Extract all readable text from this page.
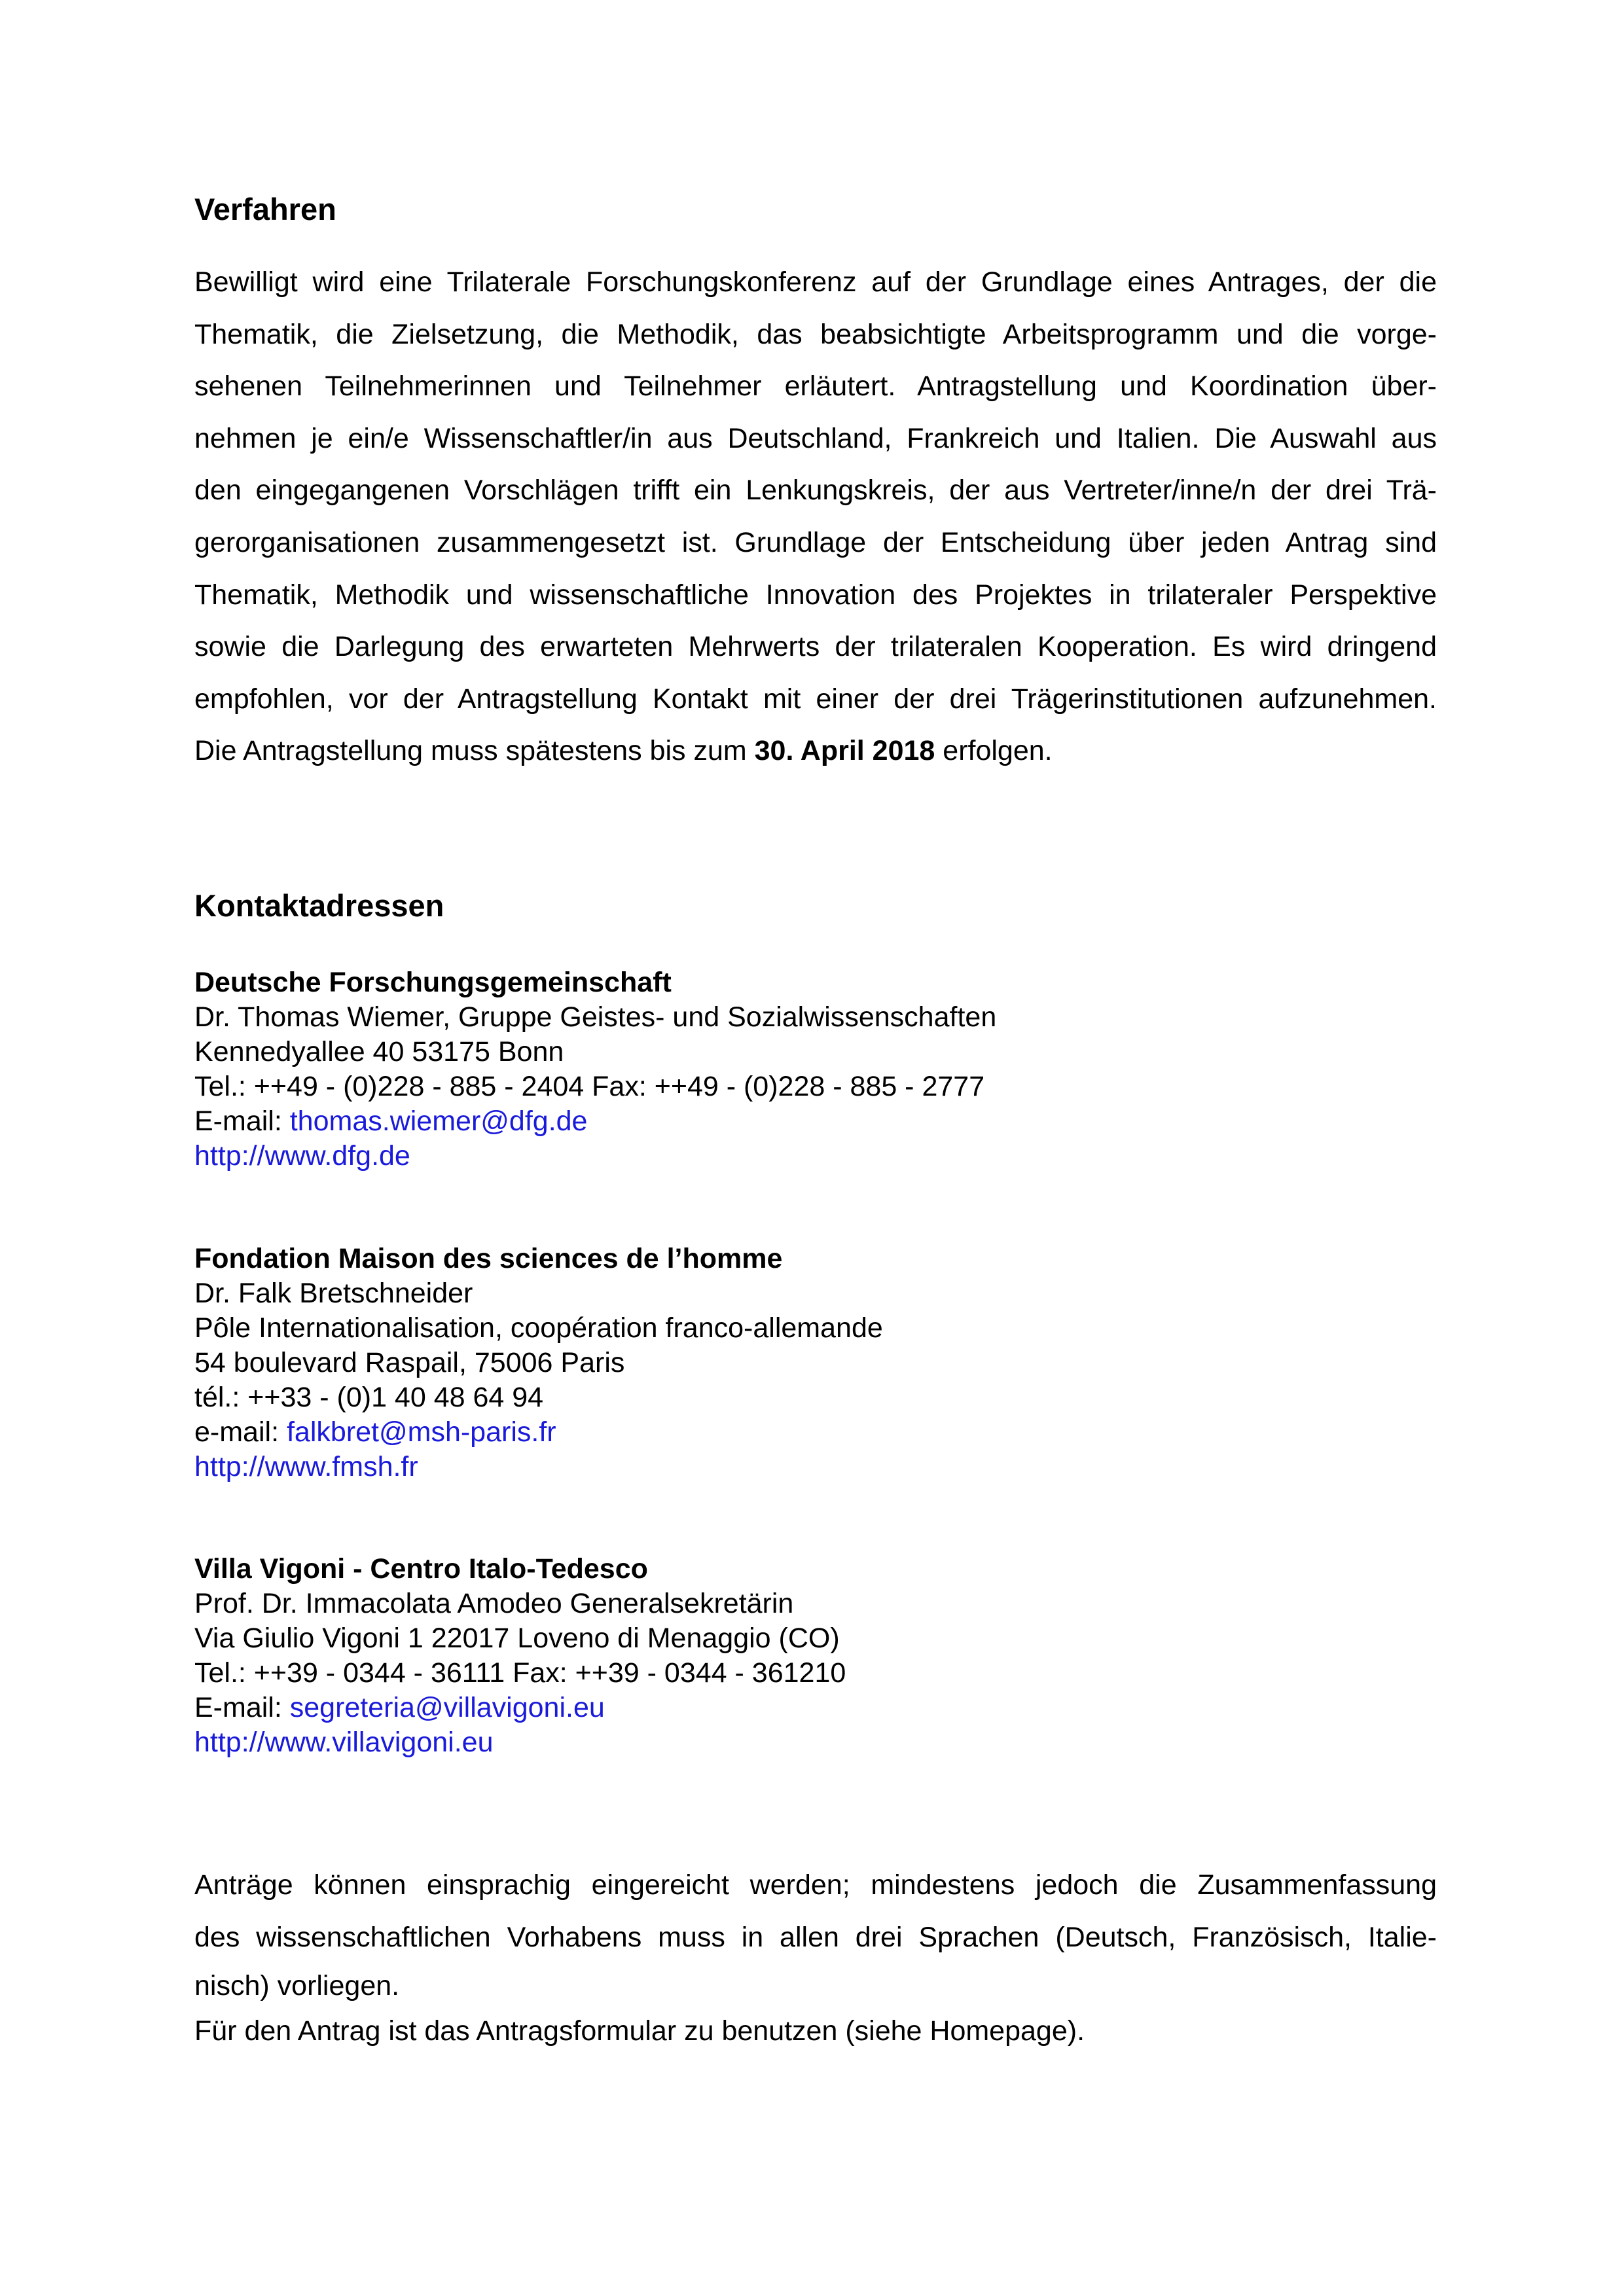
Verfahren
Bewilligt wird eine Trilaterale Forschungskonferenz auf der Grundlage eines Antrages, der die
Thematik, die Zielsetzung, die Methodik, das beabsichtigte Arbeitsprogramm und die vorge-
sehenen Teilnehmerinnen und Teilnehmer erläutert. Antragstellung und Koordination über-
nehmen je ein/e Wissenschaftler/in aus Deutschland, Frankreich und Italien. Die Auswahl aus
den eingegangenen Vorschlägen trifft ein Lenkungskreis, der aus Vertreter/inne/n der drei Trä-
gerorganisationen zusammengesetzt ist. Grundlage der Entscheidung über jeden Antrag sind
Thematik, Methodik und wissenschaftliche Innovation des Projektes in trilateraler Perspektive
sowie die Darlegung des erwarteten Mehrwerts der trilateralen Kooperation. Es wird dringend
empfohlen, vor der Antragstellung Kontakt mit einer der drei Trägerinstitutionen aufzunehmen.
Die Antragstellung muss spätestens bis zum 30. April 2018 erfolgen.
Kontaktadressen
Deutsche Forschungsgemeinschaft
Dr. Thomas Wiemer, Gruppe Geistes- und Sozialwissenschaften
Kennedyallee 40 53175 Bonn
Tel.: ++49 - (0)228 - 885 - 2404 Fax: ++49 - (0)228 - 885 - 2777
E-mail: thomas.wiemer@dfg.de
http://www.dfg.de
Fondation Maison des sciences de l’homme
Dr. Falk Bretschneider
Pôle Internationalisation, coopération franco-allemande
54 boulevard Raspail, 75006 Paris
tél.: ++33 - (0)1 40 48 64 94
e-mail: falkbret@msh-paris.fr
http://www.fmsh.fr
Villa Vigoni - Centro Italo-Tedesco
Prof. Dr. Immacolata Amodeo Generalsekretärin
Via Giulio Vigoni 1 22017 Loveno di Menaggio (CO)
Tel.: ++39 - 0344 - 36111 Fax: ++39 - 0344 - 361210
E-mail: segreteria@villavigoni.eu
http://www.villavigoni.eu
Anträge können einsprachig eingereicht werden; mindestens jedoch die Zusammenfassung
des wissenschaftlichen Vorhabens muss in allen drei Sprachen (Deutsch, Französisch, Italie-
nisch) vorliegen.
Für den Antrag ist das Antragsformular zu benutzen (siehe Homepage).
